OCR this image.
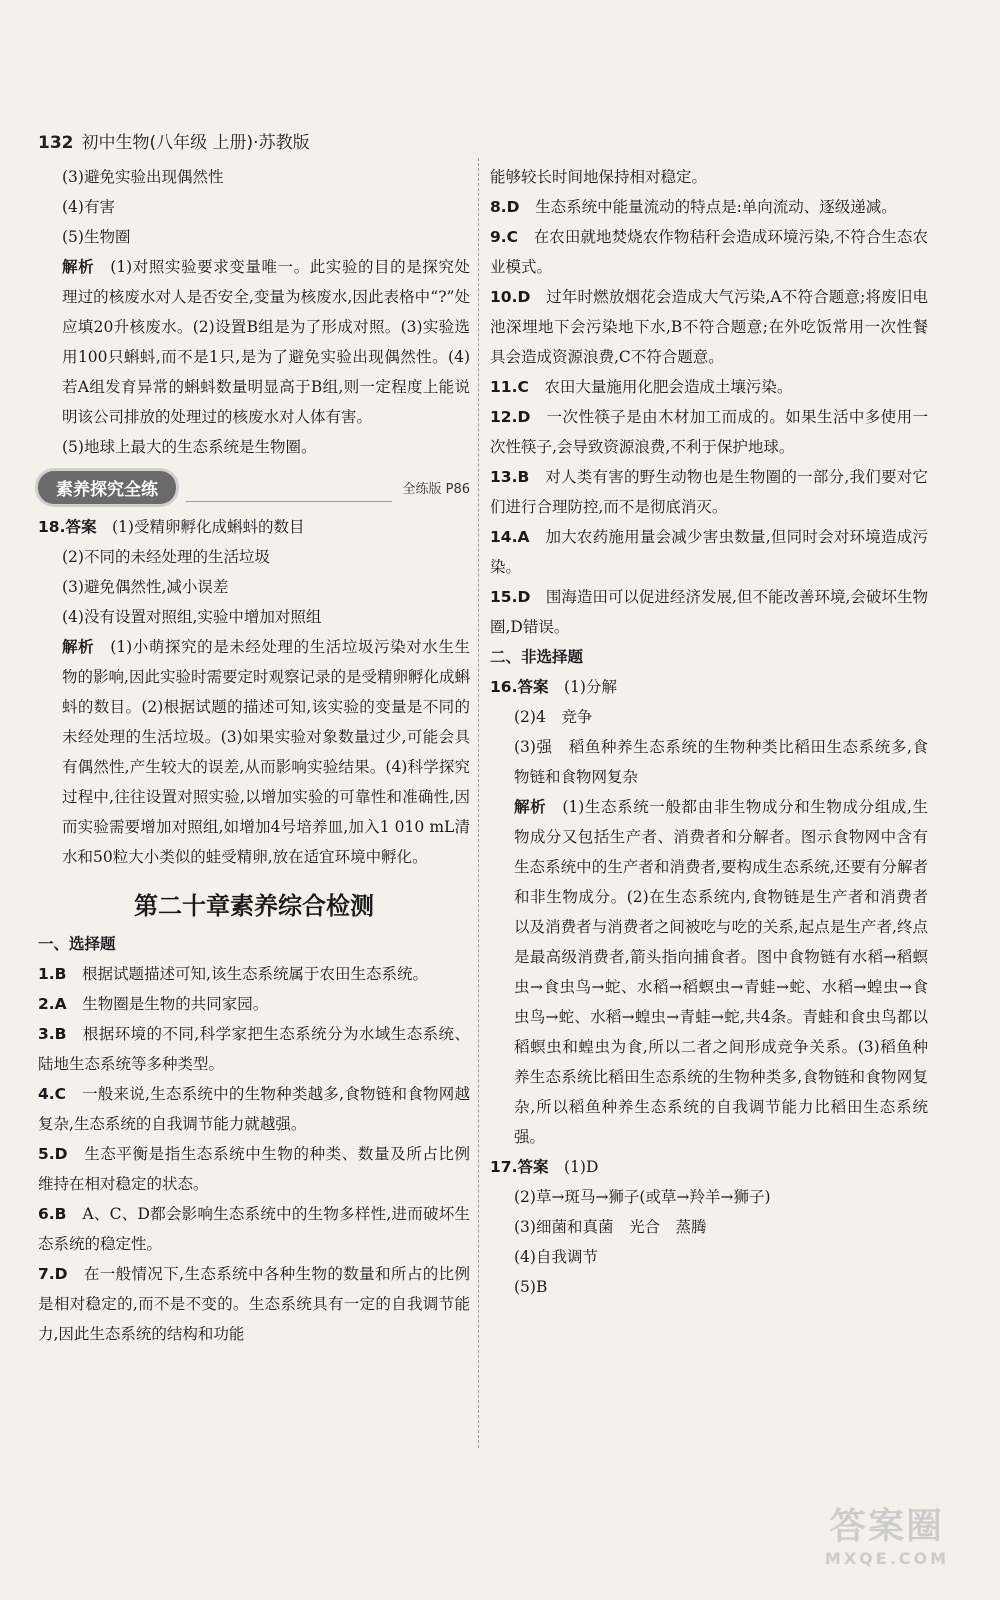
132 初中生物(八年级 上册)·苏教版

(3)避免实验出现偶然性

(4)有害

(5)生物圈

解析　 (1)对照实验要求变量唯一。此实验的目的是探究处理过的核废水对人是否安全,变量为核废水,因此表格中“?”处应填20升核废水。(2)设置B组是为了形成对照。(3)实验选用100只蝌蚪,而不是1只,是为了避免实验出现偶然性。(4)若A组发育异常的蝌蚪数量明显高于B组,则一定程度上能说明该公司排放的处理过的核废水对人体有害。

(5)地球上最大的生态系统是生物圈。

素养探究全练	全练版 P86

18.答案　 (1)受精卵孵化成蝌蚪的数目

(2)不同的未经处理的生活垃圾

(3)避免偶然性,减小误差

(4)没有设置对照组,实验中增加对照组

解析　 (1)小萌探究的是未经处理的生活垃圾污染对水生生物的影响,因此实验时需要定时观察记录的是受精卵孵化成蝌蚪的数目。(2)根据试题的描述可知,该实验的变量是不同的未经处理的生活垃圾。(3)如果实验对象数量过少,可能会具有偶然性,产生较大的误差,从而影响实验结果。(4)科学探究过程中,往往设置对照实验,以增加实验的可靠性和准确性,因而实验需要增加对照组,如增加4号培养皿,加入1 010 mL清水和50粒大小类似的蛙受精卵,放在适宜环境中孵化。

第二十章素养综合检测
一、选择题

1.B　 根据试题描述可知,该生态系统属于农田生态系统。

2.A　 生物圈是生物的共同家园。

3.B　 根据环境的不同,科学家把生态系统分为水域生态系统、陆地生态系统等多种类型。

4.C　 一般来说,生态系统中的生物种类越多,食物链和食物网越复杂,生态系统的自我调节能力就越强。

5.D　 生态平衡是指生态系统中生物的种类、数量及所占比例维持在相对稳定的状态。

6.B　 A、C、D都会影响生态系统中的生物多样性,进而破坏生态系统的稳定性。

7.D　 在一般情况下,生态系统中各种生物的数量和所占的比例是相对稳定的,而不是不变的。生态系统具有一定的自我调节能力,因此生态系统的结构和功能

能够较长时间地保持相对稳定。

8.D　 生态系统中能量流动的特点是:单向流动、逐级递减。

9.C　 在农田就地焚烧农作物秸秆会造成环境污染,不符合生态农业模式。

10.D　 过年时燃放烟花会造成大气污染,A不符合题意;将废旧电池深埋地下会污染地下水,B不符合题意;在外吃饭常用一次性餐具会造成资源浪费,C不符合题意。

11.C　 农田大量施用化肥会造成土壤污染。

12.D　 一次性筷子是由木材加工而成的。如果生活中多使用一次性筷子,会导致资源浪费,不利于保护地球。

13.B　 对人类有害的野生动物也是生物圈的一部分,我们要对它们进行合理防控,而不是彻底消灭。

14.A　 加大农药施用量会减少害虫数量,但同时会对环境造成污染。

15.D　 围海造田可以促进经济发展,但不能改善环境,会破坏生物圈,D错误。

二、非选择题

16.答案　 (1)分解

(2)4　竞争

(3)强　稻鱼种养生态系统的生物种类比稻田生态系统多,食物链和食物网复杂

解析　 (1)生态系统一般都由非生物成分和生物成分组成,生物成分又包括生产者、消费者和分解者。图示食物网中含有生态系统中的生产者和消费者,要构成生态系统,还要有分解者和非生物成分。(2)在生态系统内,食物链是生产者和消费者以及消费者与消费者之间被吃与吃的关系,起点是生产者,终点是最高级消费者,箭头指向捕食者。图中食物链有水稻→稻螟虫→食虫鸟→蛇、水稻→稻螟虫→青蛙→蛇、水稻→蝗虫→食虫鸟→蛇、水稻→蝗虫→青蛙→蛇,共4条。青蛙和食虫鸟都以稻螟虫和蝗虫为食,所以二者之间形成竞争关系。(3)稻鱼种养生态系统比稻田生态系统的生物种类多,食物链和食物网复杂,所以稻鱼种养生态系统的自我调节能力比稻田生态系统强。

17.答案　 (1)D

(2)草→斑马→狮子(或草→羚羊→狮子)

(3)细菌和真菌　光合　蒸腾

(4)自我调节

(5)B

答案圈
MXQE.COM
